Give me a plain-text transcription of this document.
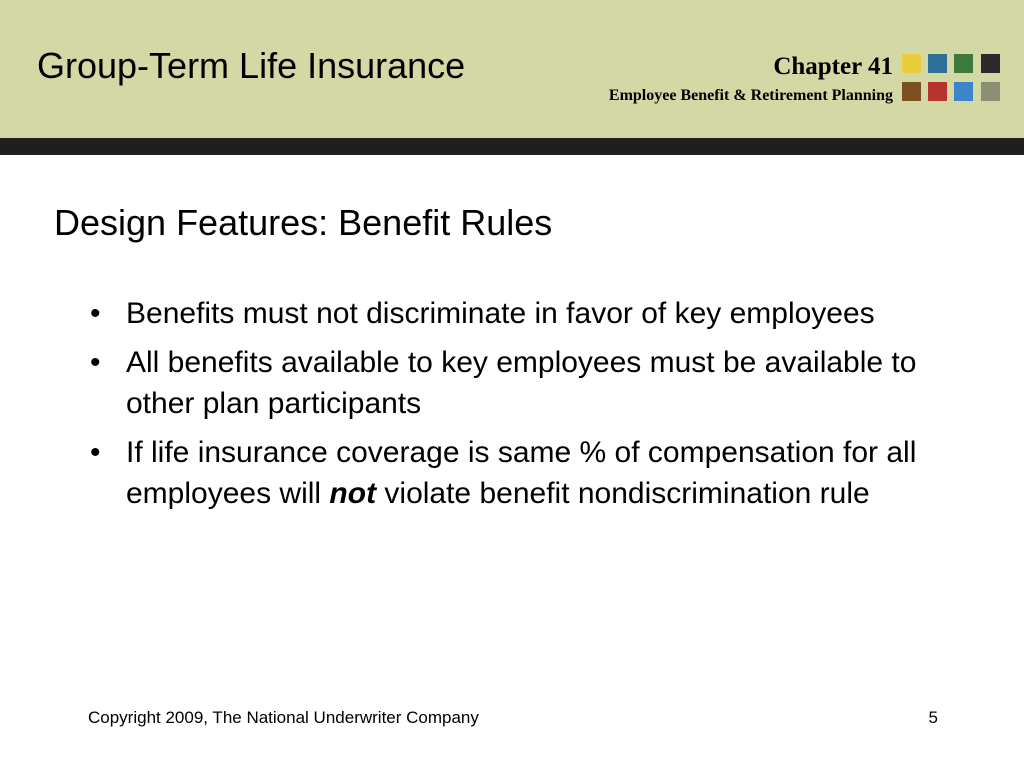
Group-Term Life Insurance	Chapter 41
Employee Benefit & Retirement Planning
Design Features: Benefit Rules
• Benefits must not discriminate in favor of key employees
• All benefits available to key employees must be available to other plan participants
• If life insurance coverage is same % of compensation for all employees will not violate benefit nondiscrimination rule
Copyright 2009, The National Underwriter Company	5
